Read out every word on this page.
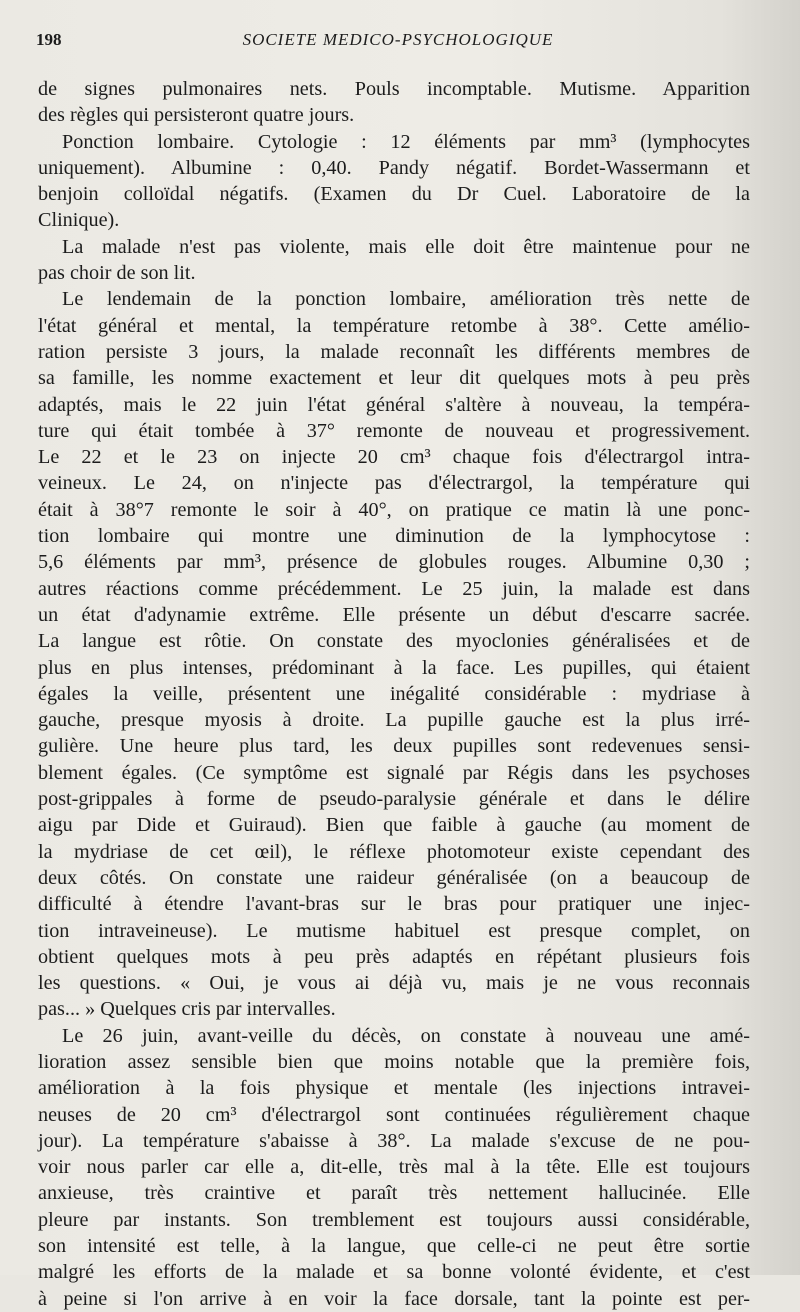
198	SOCIETE MEDICO-PSYCHOLOGIQUE
de signes pulmonaires nets. Pouls incomptable. Mutisme. Apparition
des règles qui persisteront quatre jours.
Ponction lombaire. Cytologie : 12 éléments par mm³ (lymphocytes
uniquement). Albumine : 0,40. Pandy négatif. Bordet-Wassermann et
benjoin colloïdal négatifs. (Examen du Dr Cuel. Laboratoire de la
Clinique).
La malade n'est pas violente, mais elle doit être maintenue pour ne
pas choir de son lit.
Le lendemain de la ponction lombaire, amélioration très nette de
l'état général et mental, la température retombe à 38°. Cette amélio-
ration persiste 3 jours, la malade reconnaît les différents membres de
sa famille, les nomme exactement et leur dit quelques mots à peu près
adaptés, mais le 22 juin l'état général s'altère à nouveau, la tempéra-
ture qui était tombée à 37° remonte de nouveau et progressivement.
Le 22 et le 23 on injecte 20 cm³ chaque fois d'électrargol intra-
veineux. Le 24, on n'injecte pas d'électrargol, la température qui
était à 38°7 remonte le soir à 40°, on pratique ce matin là une ponc-
tion lombaire qui montre une diminution de la lymphocytose :
5,6 éléments par mm³, présence de globules rouges. Albumine 0,30 ;
autres réactions comme précédemment. Le 25 juin, la malade est dans
un état d'adynamie extrême. Elle présente un début d'escarre sacrée.
La langue est rôtie. On constate des myoclonies généralisées et de
plus en plus intenses, prédominant à la face. Les pupilles, qui étaient
égales la veille, présentent une inégalité considérable : mydriase à
gauche, presque myosis à droite. La pupille gauche est la plus irré-
gulière. Une heure plus tard, les deux pupilles sont redevenues sensi-
blement égales. (Ce symptôme est signalé par Régis dans les psychoses
post-grippales à forme de pseudo-paralysie générale et dans le délire
aigu par Dide et Guiraud). Bien que faible à gauche (au moment de
la mydriase de cet œil), le réflexe photomoteur existe cependant des
deux côtés. On constate une raideur généralisée (on a beaucoup de
difficulté à étendre l'avant-bras sur le bras pour pratiquer une injec-
tion intraveineuse). Le mutisme habituel est presque complet, on
obtient quelques mots à peu près adaptés en répétant plusieurs fois
les questions. « Oui, je vous ai déjà vu, mais je ne vous reconnais
pas... » Quelques cris par intervalles.
Le 26 juin, avant-veille du décès, on constate à nouveau une amé-
lioration assez sensible bien que moins notable que la première fois,
amélioration à la fois physique et mentale (les injections intravei-
neuses de 20 cm³ d'électrargol sont continuées régulièrement chaque
jour). La température s'abaisse à 38°. La malade s'excuse de ne pou-
voir nous parler car elle a, dit-elle, très mal à la tête. Elle est toujours
anxieuse, très craintive et paraît très nettement hallucinée. Elle
pleure par instants. Son tremblement est toujours aussi considérable,
son intensité est telle, à la langue, que celle-ci ne peut être sortie
malgré les efforts de la malade et sa bonne volonté évidente, et c'est
à peine si l'on arrive à en voir la face dorsale, tant la pointe est per-
